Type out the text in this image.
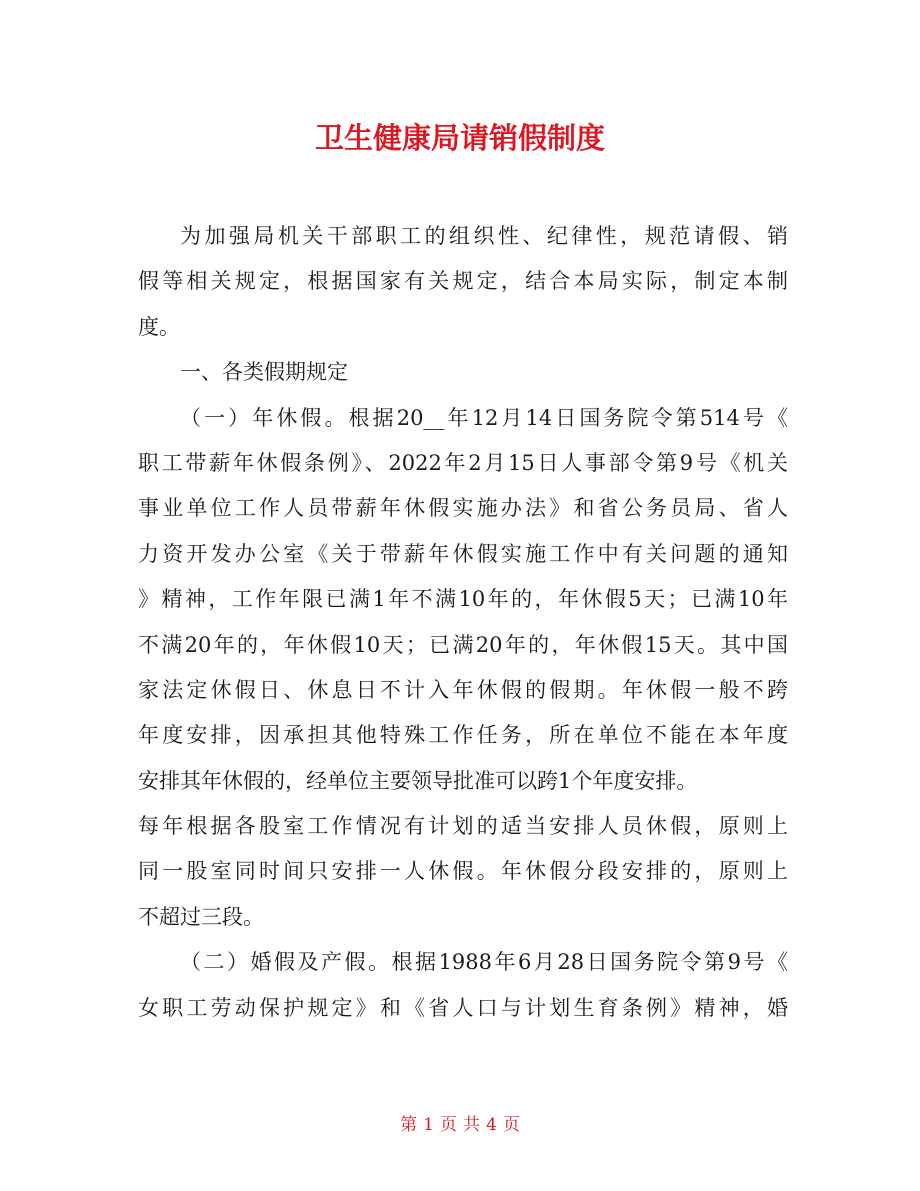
卫生健康局请销假制度
为加强局机关干部职工的组织性、纪律性，规范请假、销
假等相关规定，根据国家有关规定，结合本局实际，制定本制
度。
一、各类假期规定
（一）年休假。根据20__年12月14日国务院令第514号《
职工带薪年休假条例》、2022年2月15日人事部令第9号《机关
事业单位工作人员带薪年休假实施办法》和省公务员局、省人
力资开发办公室《关于带薪年休假实施工作中有关问题的通知
》精神，工作年限已满1年不满10年的，年休假5天；已满10年
不满20年的，年休假10天；已满20年的，年休假15天。其中国
家法定休假日、休息日不计入年休假的假期。年休假一般不跨
年度安排，因承担其他特殊工作任务，所在单位不能在本年度
安排其年休假的，经单位主要领导批准可以跨1个年度安排。
每年根据各股室工作情况有计划的适当安排人员休假，原则上
同一股室同时间只安排一人休假。年休假分段安排的，原则上
不超过三段。
（二）婚假及产假。根据1988年6月28日国务院令第9号《
女职工劳动保护规定》和《省人口与计划生育条例》精神，婚
第 1 页 共 4 页
